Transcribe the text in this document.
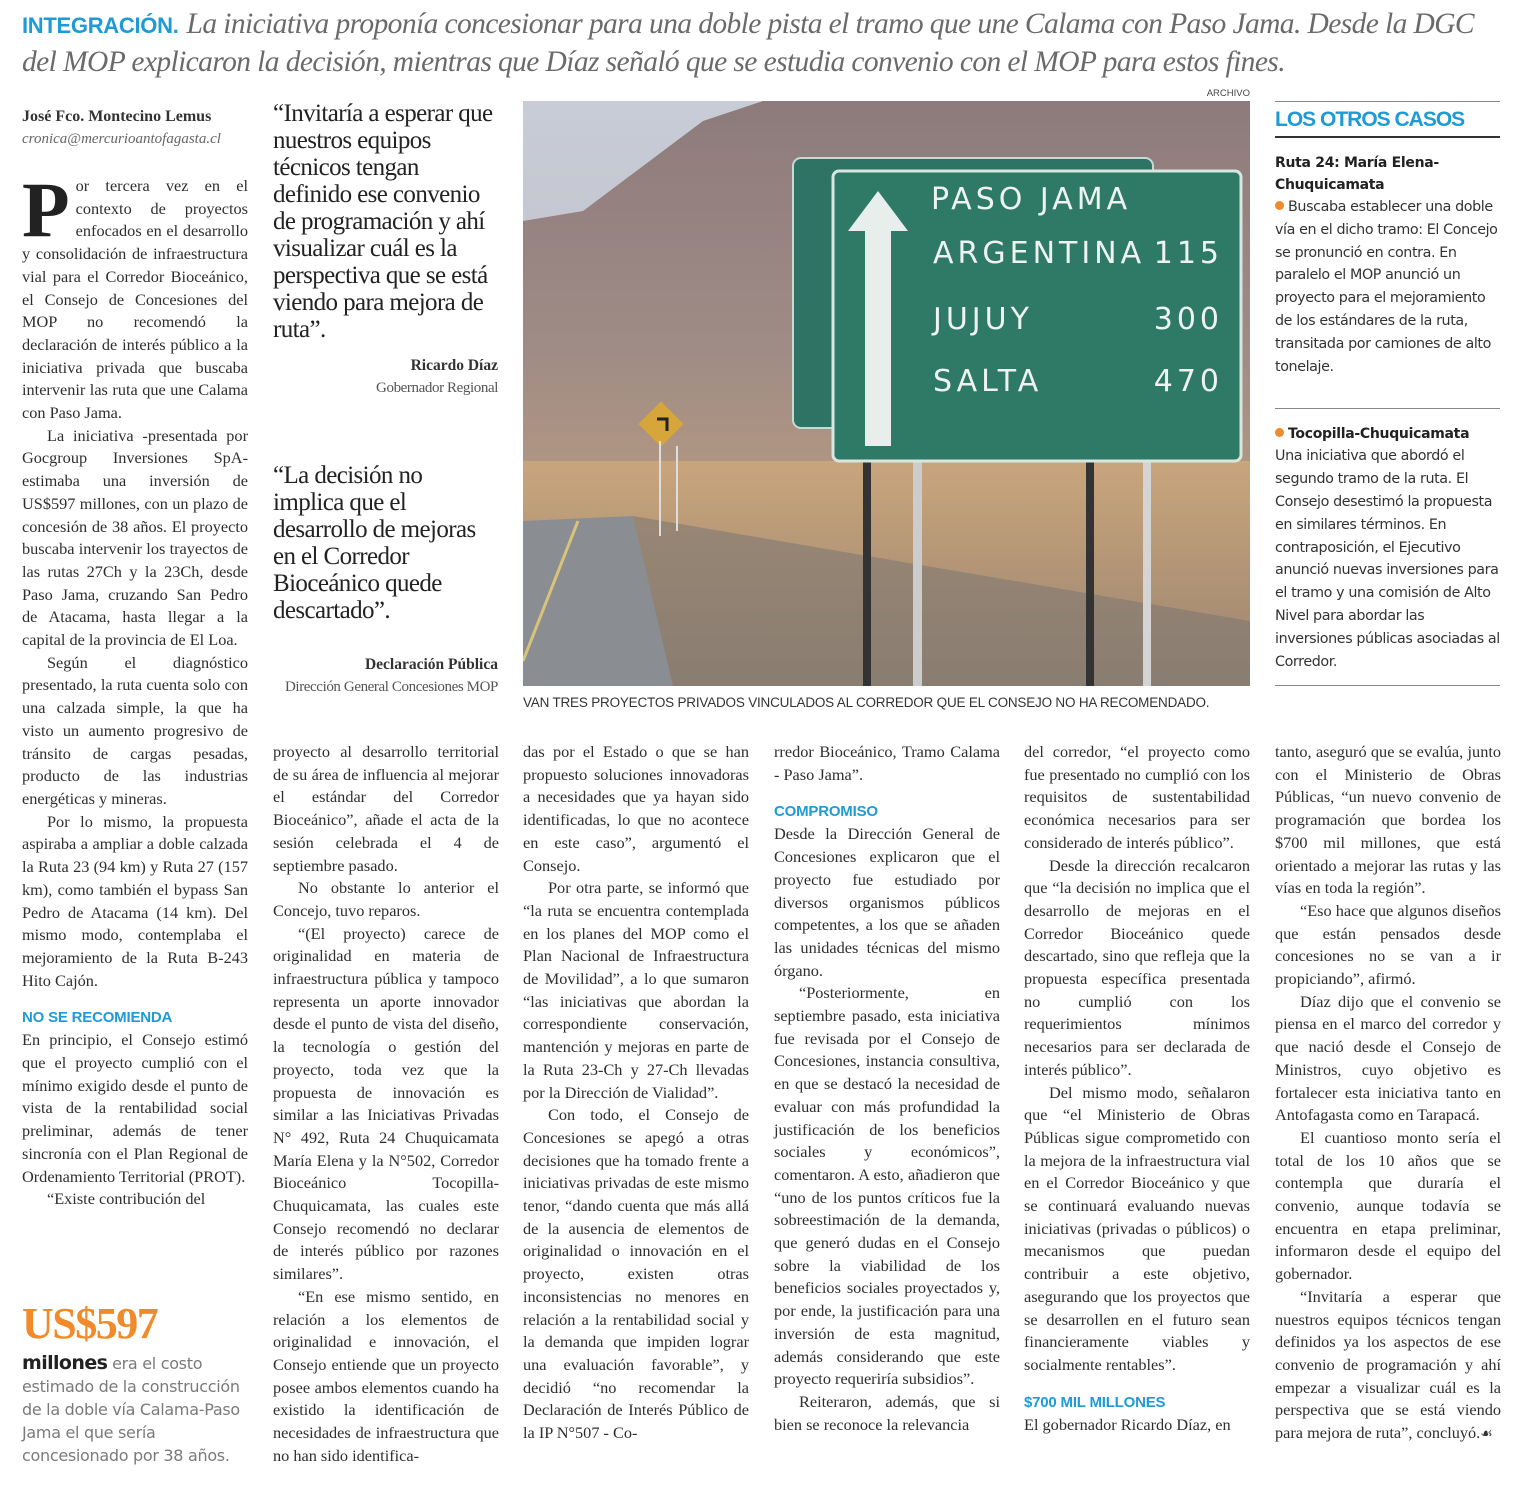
INTEGRACIÓN. La iniciativa proponía concesionar para una doble pista el tramo que une Calama con Paso Jama. Desde la DGC del MOP explicaron la decisión, mientras que Díaz señaló que se estudia convenio con el MOP para estos fines.
José Fco. Montecino Lemus
cronica@mercurioantofagasta.cl

Por tercera vez en el contexto de proyectos enfocados en el desarrollo y consolidación de infraestructura vial para el Corredor Bioceánico, el Consejo de Concesiones del MOP no recomendó la declaración de interés público a la iniciativa privada que buscaba intervenir las ruta que une Calama con Paso Jama.

La iniciativa -presentada por Gocgroup Inversiones SpA- estimaba una inversión de US$597 millones, con un plazo de concesión de 38 años. El proyecto buscaba intervenir los trayectos de las rutas 27Ch y la 23Ch, desde Paso Jama, cruzando San Pedro de Atacama, hasta llegar a la capital de la provincia de El Loa.

Según el diagnóstico presentado, la ruta cuenta solo con una calzada simple, la que ha visto un aumento progresivo de tránsito de cargas pesadas, producto de las industrias energéticas y mineras.

Por lo mismo, la propuesta aspiraba a ampliar a doble calzada la Ruta 23 (94 km) y Ruta 27 (157 km), como también el bypass San Pedro de Atacama (14 km). Del mismo modo, contemplaba el mejoramiento de la Ruta B-243 Hito Cajón.

NO SE RECOMIENDA

En principio, el Consejo estimó que el proyecto cumplió con el mínimo exigido desde el punto de vista de la rentabilidad social preliminar, además de tener sincronía con el Plan Regional de Ordenamiento Territorial (PROT).

“Existe contribución del

US$597
millones era el costo estimado de la construcción de la doble vía Calama-Paso Jama el que sería concesionado por 38 años.
“Invitaría a esperar que nuestros equipos técnicos tengan definido ese convenio de programación y ahí visualizar cuál es la perspectiva que se está viendo para mejora de ruta”.
Ricardo Díaz
Gobernador Regional
“La decisión no implica que el desarrollo de mejoras en el Corredor Bioceánico quede descartado”.
Declaración Pública
Dirección General Concesiones MOP
ARCHIVO
PASO JAMA
ARGENTINA 115
JUJUY	300
SALTA	470
VAN TRES PROYECTOS PRIVADOS VINCULADOS AL CORREDOR QUE EL CONSEJO NO HA RECOMENDADO.
LOS OTROS CASOS
Ruta 24: María Elena-Chuquicamata
Buscaba establecer una doble vía en el dicho tramo: El Concejo se pronunció en contra. En paralelo el MOP anunció un proyecto para el mejoramiento de los estándares de la ruta, transitada por camiones de alto tonelaje.
Tocopilla-Chuquicamata
Una iniciativa que abordó el segundo tramo de la ruta. El Consejo desestimó la propuesta en similares términos. En contraposición, el Ejecutivo anunció nuevas inversiones para el tramo y una comisión de Alto Nivel para abordar las inversiones públicas asociadas al Corredor.

proyecto al desarrollo territorial de su área de influencia al mejorar el estándar del Corredor Bioceánico”, añade el acta de la sesión celebrada el 4 de septiembre pasado.

No obstante lo anterior el Concejo, tuvo reparos.

“(El proyecto) carece de originalidad en materia de infraestructura pública y tampoco representa un aporte innovador desde el punto de vista del diseño, la tecnología o gestión del proyecto, toda vez que la propuesta de innovación es similar a las Iniciativas Privadas N° 492, Ruta 24 Chuquicamata María Elena y la N°502, Corredor Bioceánico Tocopilla-Chuquicamata, las cuales este Consejo recomendó no declarar de interés público por razones similares”.

“En ese mismo sentido, en relación a los elementos de originalidad e innovación, el Consejo entiende que un proyecto posee ambos elementos cuando ha existido la identificación de necesidades de infraestructura que no han sido identifica-

das por el Estado o que se han propuesto soluciones innovadoras a necesidades que ya hayan sido identificadas, lo que no acontece en este caso”, argumentó el Consejo.

Por otra parte, se informó que “la ruta se encuentra contemplada en los planes del MOP como el Plan Nacional de Infraestructura de Movilidad”, a lo que sumaron “las iniciativas que abordan la correspondiente conservación, mantención y mejoras en parte de la Ruta 23-Ch y 27-Ch llevadas por la Dirección de Vialidad”.

Con todo, el Consejo de Concesiones se apegó a otras decisiones que ha tomado frente a iniciativas privadas de este mismo tenor, “dando cuenta que más allá de la ausencia de elementos de originalidad o innovación en el proyecto, existen otras inconsistencias no menores en relación a la rentabilidad social y la demanda que impiden lograr una evaluación favorable”, y decidió “no recomendar la Declaración de Interés Público de la IP N°507 - Co-

rredor Bioceánico, Tramo Calama - Paso Jama”.

COMPROMISO

Desde la Dirección General de Concesiones explicaron que el proyecto fue estudiado por diversos organismos públicos competentes, a los que se añaden las unidades técnicas del mismo órgano.

“Posteriormente, en septiembre pasado, esta iniciativa fue revisada por el Consejo de Concesiones, instancia consultiva, en que se destacó la necesidad de evaluar con más profundidad la justificación de los beneficios sociales y económicos”, comentaron. A esto, añadieron que “uno de los puntos críticos fue la sobreestimación de la demanda, que generó dudas en el Consejo sobre la viabilidad de los beneficios sociales proyectados y, por ende, la justificación para una inversión de esta magnitud, además considerando que este proyecto requeriría subsidios”.

Reiteraron, además, que si bien se reconoce la relevancia

del corredor, “el proyecto como fue presentado no cumplió con los requisitos de sustentabilidad económica necesarios para ser considerado de interés público”.

Desde la dirección recalcaron que “la decisión no implica que el desarrollo de mejoras en el Corredor Bioceánico quede descartado, sino que refleja que la propuesta específica presentada no cumplió con los requerimientos mínimos necesarios para ser declarada de interés público”.

Del mismo modo, señalaron que “el Ministerio de Obras Públicas sigue comprometido con la mejora de la infraestructura vial en el Corredor Bioceánico y que se continuará evaluando nuevas iniciativas (privadas o públicos) o mecanismos que puedan contribuir a este objetivo, asegurando que los proyectos que se desarrollen en el futuro sean financieramente viables y socialmente rentables”.

$700 MIL MILLONES

El gobernador Ricardo Díaz, en

tanto, aseguró que se evalúa, junto con el Ministerio de Obras Públicas, “un nuevo convenio de programación que bordea los $700 mil millones, que está orientado a mejorar las rutas y las vías en toda la región”.

“Eso hace que algunos diseños que están pensados desde concesiones no se van a ir propiciando”, afirmó.

Díaz dijo que el convenio se piensa en el marco del corredor y que nació desde el Consejo de Ministros, cuyo objetivo es fortalecer esta iniciativa tanto en Antofagasta como en Tarapacá.

El cuantioso monto sería el total de los 10 años que se contempla que duraría el convenio, aunque todavía se encuentra en etapa preliminar, informaron desde el equipo del gobernador.

“Invitaría a esperar que nuestros equipos técnicos tengan definidos ya los aspectos de ese convenio de programación y ahí empezar a visualizar cuál es la perspectiva que se está viendo para mejora de ruta”, concluyó.☙
